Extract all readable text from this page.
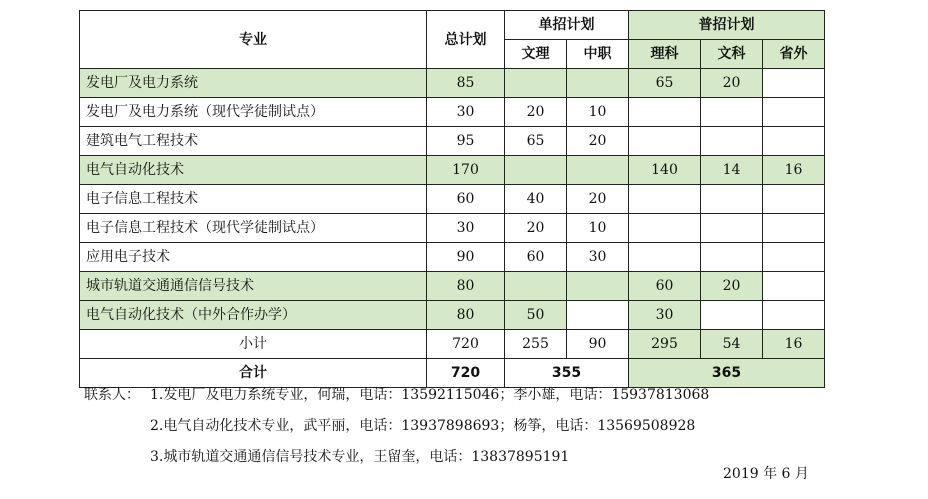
专业	总计划	单招计划		普招计划		
		文理	中职	理科	文科	省外
发电厂及电力系统	85			65	20	
发电厂及电力系统（现代学徒制试点）	30	20	10			
建筑电气工程技术	95	65	20			
电气自动化技术	170			140	14	16
电子信息工程技术	60	40	20			
电子信息工程技术（现代学徒制试点）	30	20	10			
应用电子技术	90	60	30			
城市轨道交通通信信号技术	80			60	20	
电气自动化技术（中外合作办学）	80	50		30		
小计	720	255	90	295	54	16
合计	720	355		365		
联系人： 1.发电厂及电力系统专业，何瑞，电话：13592115046；李小雄，电话：15937813068
2.电气自动化技术专业，武平丽，电话：13937898693；杨筝，电话：13569508928
3.城市轨道交通通信信号技术专业，王留奎，电话：13837895191
2019 年 6 月
